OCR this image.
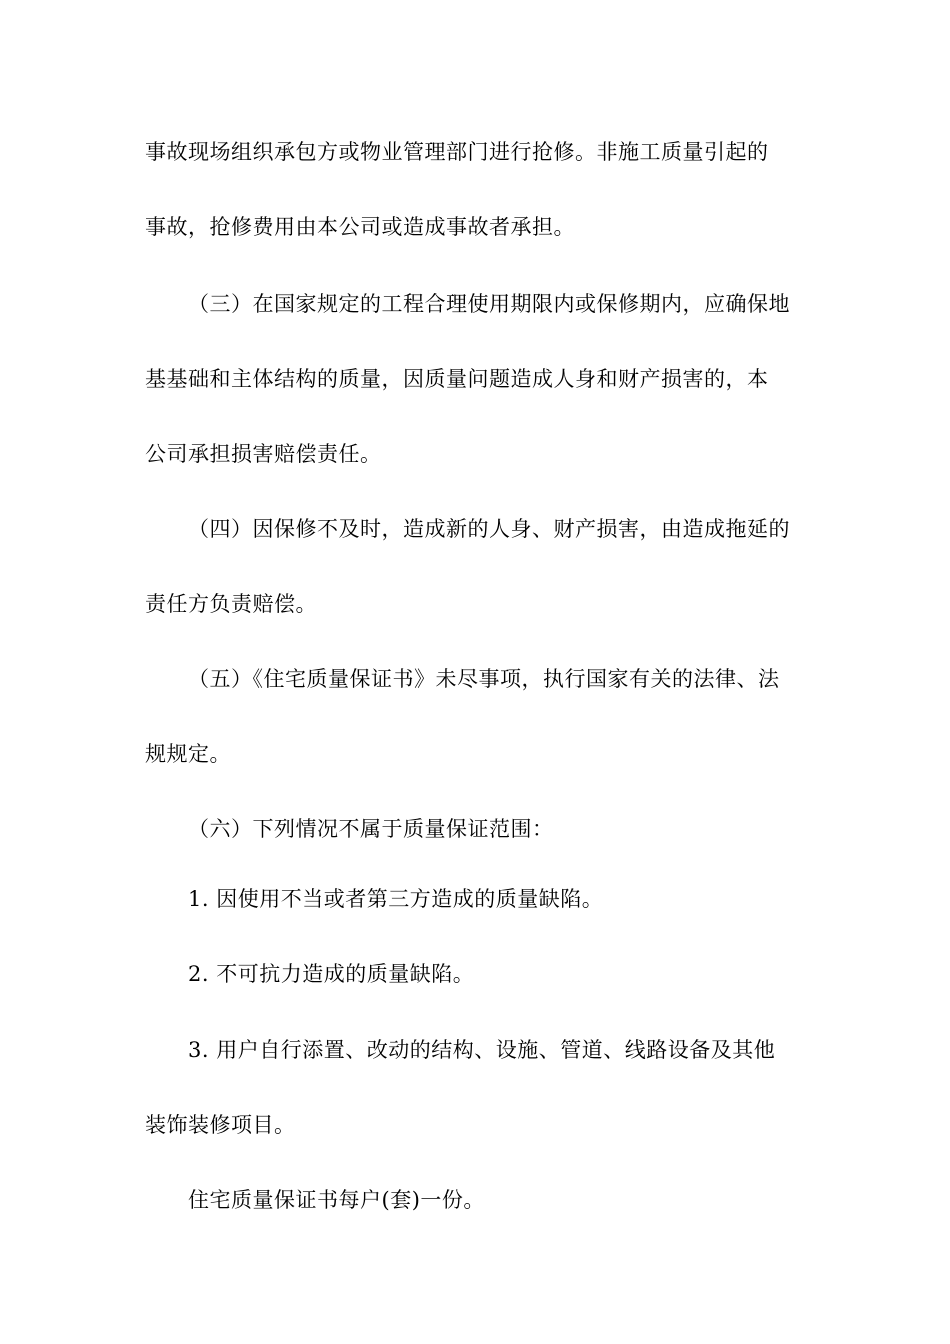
事故现场组织承包方或物业管理部门进行抢修。非施工质量引起的
事故，抢修费用由本公司或造成事故者承担。
（三）在国家规定的工程合理使用期限内或保修期内，应确保地
基基础和主体结构的质量，因质量问题造成人身和财产损害的，本
公司承担损害赔偿责任。
（四）因保修不及时，造成新的人身、财产损害，由造成拖延的
责任方负责赔偿。
（五）《住宅质量保证书》未尽事项，执行国家有关的法律、法
规规定。
（六）下列情况不属于质量保证范围：
1. 因使用不当或者第三方造成的质量缺陷。
2. 不可抗力造成的质量缺陷。
3. 用户自行添置、改动的结构、设施、管道、线路设备及其他
装饰装修项目。
住宅质量保证书每户(套)一份。
